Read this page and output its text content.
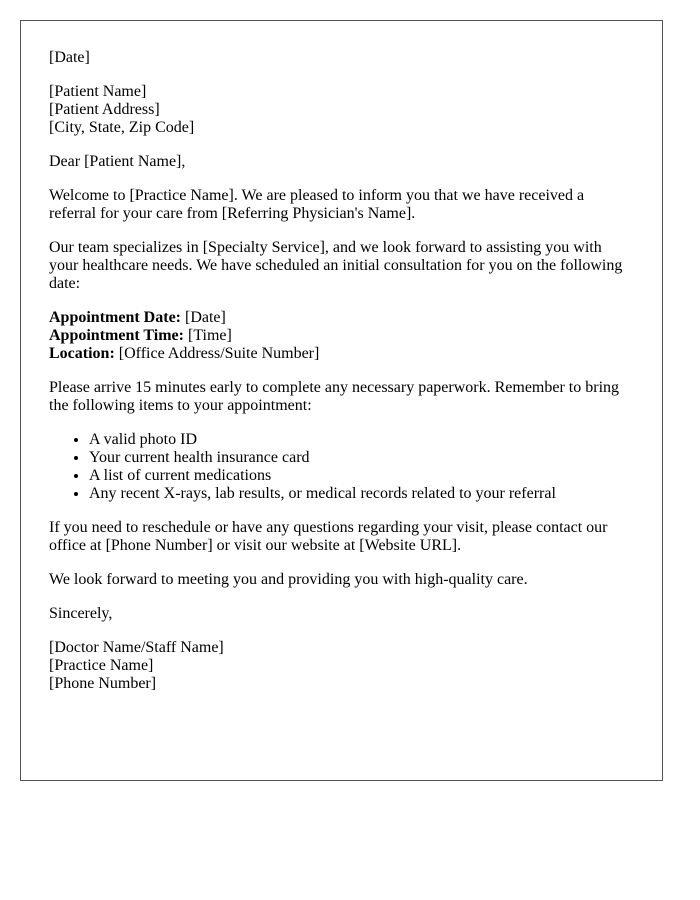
[Date]

[Patient Name]
[Patient Address]
[City, State, Zip Code]

Dear [Patient Name],

Welcome to [Practice Name]. We are pleased to inform you that we have received a referral for your care from [Referring Physician's Name].

Our team specializes in [Specialty Service], and we look forward to assisting you with your healthcare needs. We have scheduled an initial consultation for you on the following date:

Appointment Date: [Date]
Appointment Time: [Time]
Location: [Office Address/Suite Number]

Please arrive 15 minutes early to complete any necessary paperwork. Remember to bring the following items to your appointment:

• A valid photo ID
• Your current health insurance card
• A list of current medications
• Any recent X-rays, lab results, or medical records related to your referral

If you need to reschedule or have any questions regarding your visit, please contact our office at [Phone Number] or visit our website at [Website URL].

We look forward to meeting you and providing you with high-quality care.

Sincerely,

[Doctor Name/Staff Name]
[Practice Name]
[Phone Number]
